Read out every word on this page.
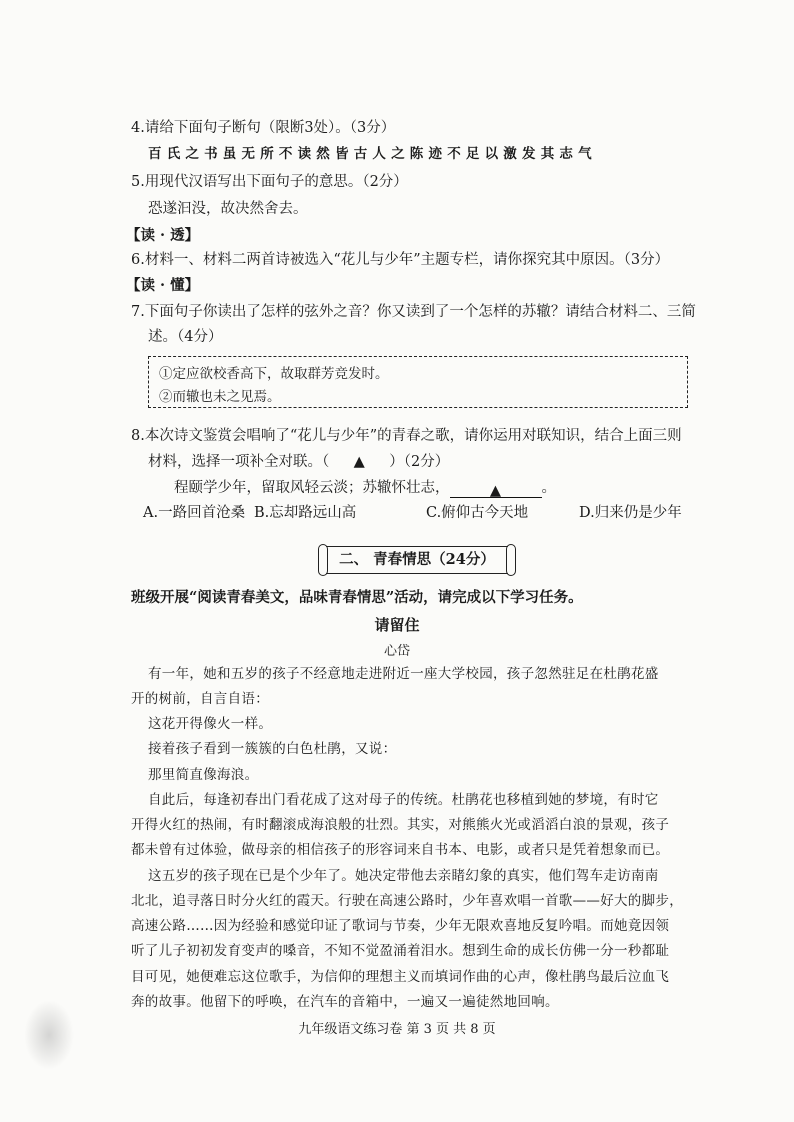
4.请给下面句子断句（限断3处）。（3分）
百氏之书虽无所不读然皆古人之陈迹不足以激发其志气
5.用现代汉语写出下面句子的意思。（2分）
恐遂汩没，故决然舍去。
【读 · 透】
6.材料一、材料二两首诗被选入“花儿与少年”主题专栏，请你探究其中原因。（3分）
【读 · 懂】
7.下面句子你读出了怎样的弦外之音？你又读到了一个怎样的苏辙？请结合材料二、三简
述。（4分）
①定应欲校香高下，故取群芳竞发时。
②而辙也未之见焉。
8.本次诗文鉴赏会唱响了“花儿与少年”的青春之歌，请你运用对联知识，结合上面三则
材料，选择一项补全对联。（ ▲ ）（2分）
程颐学少年，留取风轻云淡；苏辙怀壮志，	▲	。
A.一路回首沧桑 B.忘却路远山高	C.俯仰古今天地	D.归来仍是少年
二、 青春情思（24分）
班级开展“阅读青春美文，品味青春情思”活动，请完成以下学习任务。
请留住
心岱
有一年，她和五岁的孩子不经意地走进附近一座大学校园，孩子忽然驻足在杜鹃花盛
开的树前，自言自语：
这花开得像火一样。
接着孩子看到一簇簇的白色杜鹃，又说：
那里简直像海浪。
自此后，每逢初春出门看花成了这对母子的传统。杜鹃花也移植到她的梦境，有时它
开得火红的热闹，有时翻滚成海浪般的壮烈。其实，对熊熊火光或滔滔白浪的景观，孩子
都未曾有过体验，做母亲的相信孩子的形容词来自书本、电影，或者只是凭着想象而已。
这五岁的孩子现在已是个少年了。她决定带他去亲睹幻象的真实，他们驾车走访南南
北北，追寻落日时分火红的霞天。行驶在高速公路时，少年喜欢唱一首歌——好大的脚步，
高速公路……因为经验和感觉印证了歌词与节奏，少年无限欢喜地反复吟唱。而她竟因领
听了儿子初初发育变声的嗓音，不知不觉盈涌着泪水。想到生命的成长仿佛一分一秒都耻
目可见，她便难忘这位歌手，为信仰的理想主义而填词作曲的心声，像杜鹃鸟最后泣血飞
奔的故事。他留下的呼唤，在汽车的音箱中，一遍又一遍徒然地回响。
九年级语文练习卷 第 3 页 共 8 页
